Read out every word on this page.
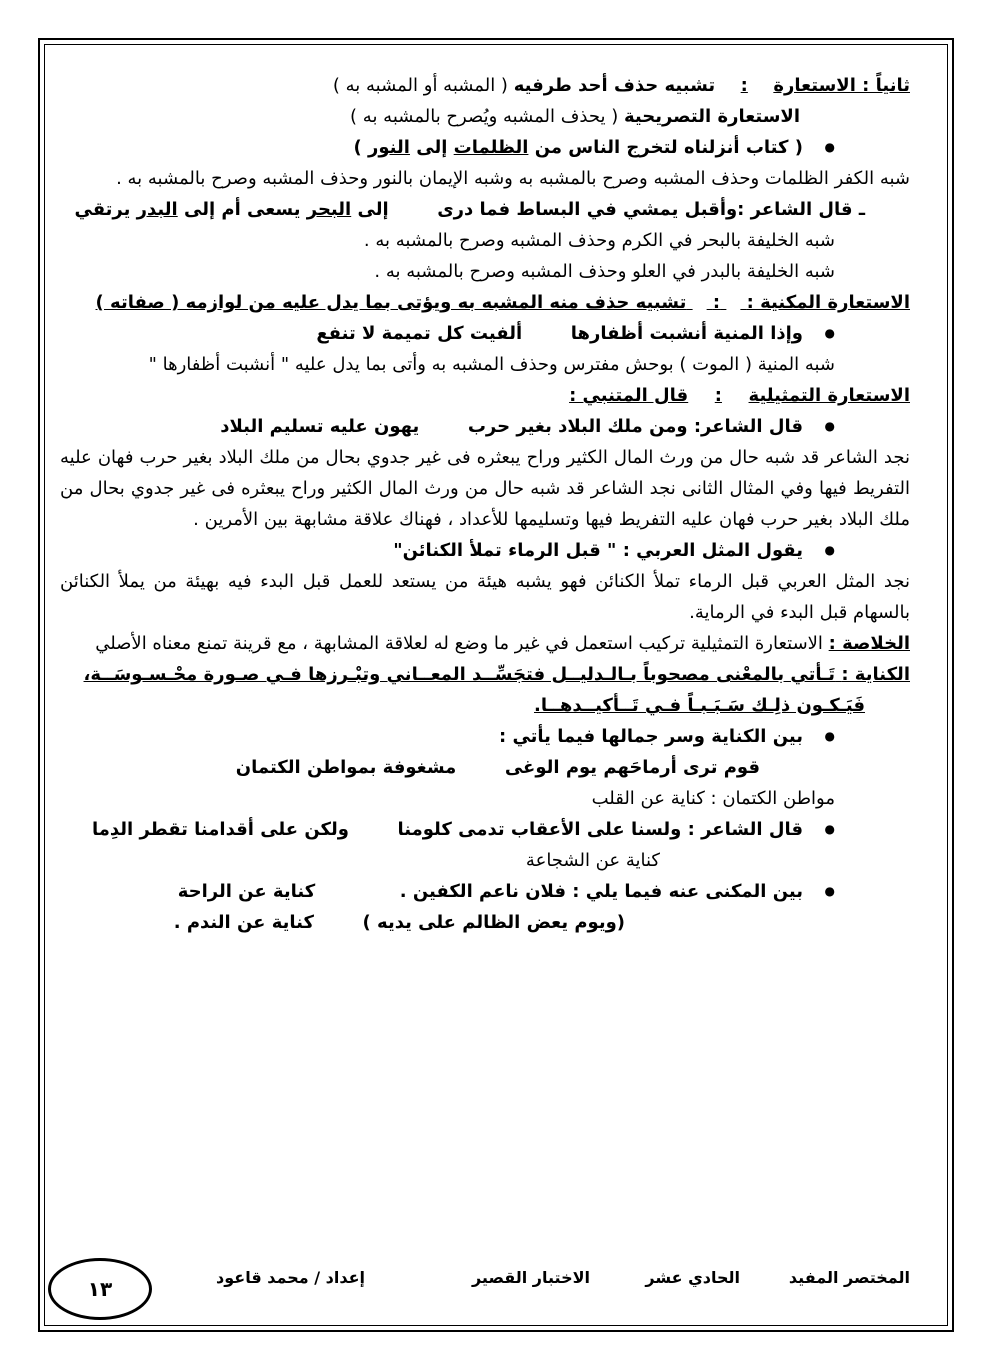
ثانياً : الاستعارة  :  تشبيه حذف أحد طرفيه ( المشبه أو المشبه به )
الاستعارة التصريحية ( يحذف المشبه ويُصرح بالمشبه به )
● ( كتاب أنزلناه لتخرج الناس من الظلمات إلى النور )
شبه الكفر الظلمات وحذف المشبه وصرح بالمشبه به وشبه الإيمان بالنور وحذف المشبه وصرح بالمشبه به .
ـ قال الشاعر :وأقبل يمشي في البساط فما درى  إلى البحر يسعى أم إلى البدر يرتقي
شبه الخليفة بالبحر في الكرم وحذف المشبه وصرح بالمشبه به .
شبه الخليفة بالبدر في العلو وحذف المشبه وصرح بالمشبه به .
الاستعارة المكنية :  :  تشبيه حذف منه المشبه به ويؤتى بما يدل عليه من لوازمه ( صفاته )
● وإذا المنية أنشبت أظفارها  ألفيت كل تميمة لا تنفع
شبه المنية ( الموت ) بوحش مفترس وحذف المشبه به وأتى بما يدل عليه " أنشبت أظفارها "
الاستعارة التمثيلية  :  قال المتنبي :
● قال الشاعر: ومن ملك البلاد بغير حرب  يهون عليه تسليم البلاد
نجد الشاعر قد شبه حال من ورث المال الكثير وراح يبعثره فى غير جدوي بحال من ملك البلاد بغير حرب فهان عليه التفريط فيها وفي المثال الثانى نجد الشاعر قد شبه حال من ورث المال الكثير وراح يبعثره فى غير جدوي بحال من ملك البلاد بغير حرب فهان عليه التفريط فيها وتسليمها للأعداد ، فهناك علاقة مشابهة بين الأمرين .
● يقول المثل العربي : " قبل الرماء تملأ الكنائن"
نجد المثل العربي قبل الرماء تملأ الكنائن فهو يشبه هيئة من يستعد للعمل قبل البدء فيه بهيئة من يملأ الكنائن بالسهام قبل البدء في الرماية.
الخلاصة : الاستعارة التمثيلية تركيب استعمل في غير ما وضع له لعلاقة المشابهة ، مع قرينة تمنع معناه الأصلي
الكناية : تَـأتي بالمعْنى مصحوباً بـالـدليــل فتجَسِّــد المعــاني وتبْـرزها فـي صـورة محْـسـوسَــة،
فَيَـكـون ذلِـك سَـبَـبـاً فـي تَــأكيــدهــا.
● بين الكناية وسر جمالها فيما يأتي :
قوم ترى أرماحَهم يوم الوغى  مشغوفة بمواطن الكتمان
مواطن الكتمان : كناية عن القلب
● قال الشاعر : ولسنا على الأعقاب تدمى كلومنا  ولكن على أقدامنا تقطر الدِما
كناية عن الشجاعة
● بين المكنى عنه فيما يلي : فلان ناعم الكفين .  كناية عن الراحة
(ويوم يعض الظالم على يديه )  كناية عن الندم .
المختصر المفيد
الحادي عشر
الاختبار القصير
إعداد / محمد قاعود
١٣
